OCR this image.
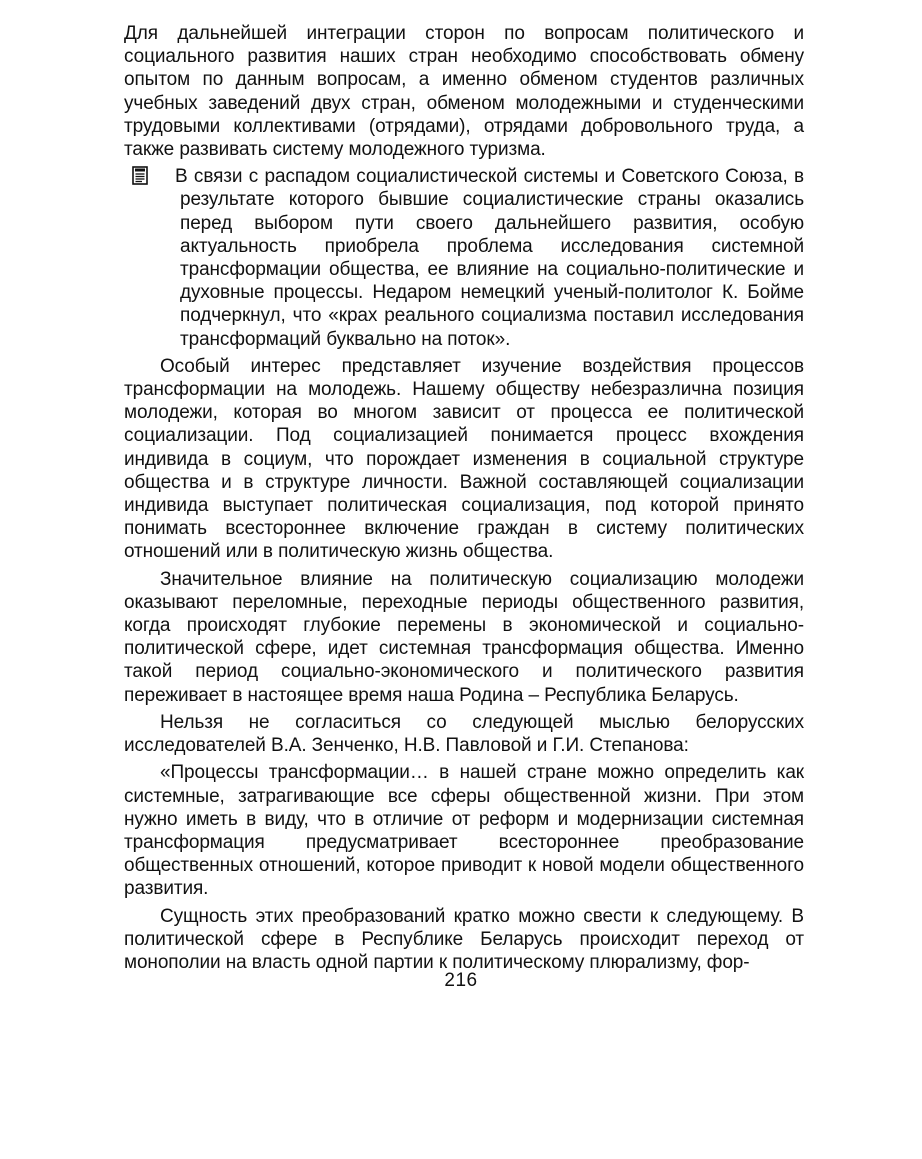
Для дальнейшей интеграции сторон по вопросам политического и социального развития наших стран необходимо способствовать обмену опытом по данным вопросам, а именно обменом студентов различных учебных заведений двух стран, обменом молодежными и студенческими трудовыми коллективами (отрядами), отрядами добровольного труда, а также развивать систему молодежного туризма.

В связи с распадом социалистической системы и Советского Союза, в результате которого бывшие социалистические страны оказались перед выбором пути своего дальнейшего развития, особую актуальность приобрела проблема исследования системной трансформации общества, ее влияние на социально-политические и духовные процессы. Недаром немецкий ученый-политолог К. Бойме подчеркнул, что «крах реального социализма поставил исследования трансформаций буквально на поток».

Особый интерес представляет изучение воздействия процессов трансформации на молодежь. Нашему обществу небезразлична позиция молодежи, которая во многом зависит от процесса ее политической социализации. Под социализацией понимается процесс вхождения индивида в социум, что порождает изменения в социальной структуре общества и в структуре личности. Важной составляющей социализации индивида выступает политическая социализация, под которой принято понимать всестороннее включение граждан в систему политических отношений или в политическую жизнь общества.

Значительное влияние на политическую социализацию молодежи оказывают переломные, переходные периоды общественного развития, когда происходят глубокие перемены в экономической и социально-политической сфере, идет системная трансформация общества. Именно такой период социально-экономического и политического развития переживает в настоящее время наша Родина – Республика Беларусь.

Нельзя не согласиться со следующей мыслью белорусских исследователей В.А. Зенченко, Н.В. Павловой и Г.И. Степанова:

«Процессы трансформации… в нашей стране можно определить как системные, затрагивающие все сферы общественной жизни. При этом нужно иметь в виду, что в отличие от реформ и модернизации системная трансформация предусматривает всестороннее преобразование общественных отношений, которое приводит к новой модели общественного развития.

Сущность этих преобразований кратко можно свести к следующему. В политической сфере в Республике Беларусь происходит переход от монополии на власть одной партии к политическому плюрализму, фор-

216
